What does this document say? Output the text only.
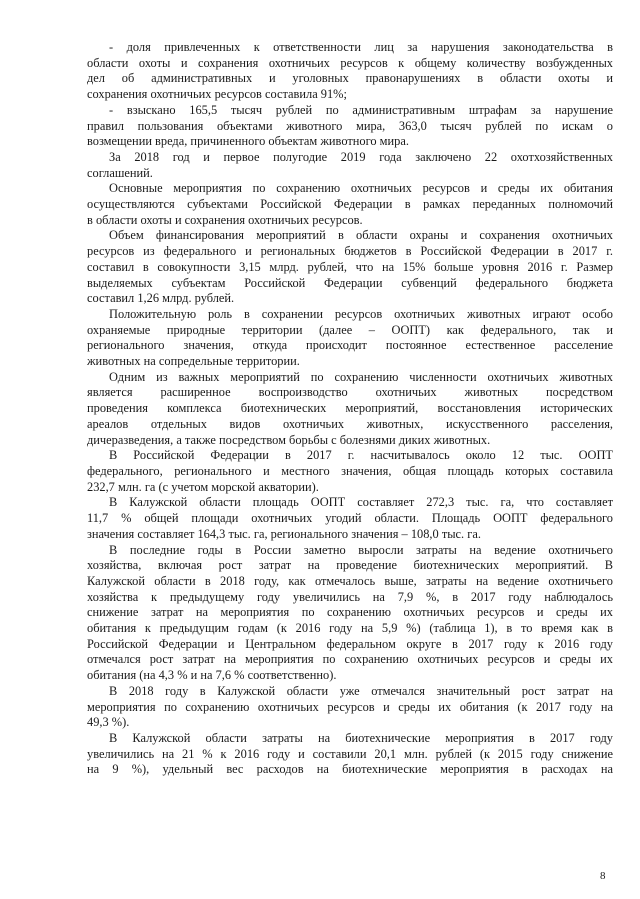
- доля привлеченных к ответственности лиц за нарушения законодательства в
области охоты и сохранения охотничьих ресурсов к общему количеству возбужденных
дел об административных и уголовных правонарушениях в области охоты и
сохранения охотничьих ресурсов составила 91%;

- взыскано 165,5 тысяч рублей по административным штрафам за нарушение
правил пользования объектами животного мира, 363,0 тысяч рублей по искам о
возмещении вреда, причиненного объектам животного мира.

За 2018 год и первое полугодие 2019 года заключено 22 охотхозяйственных
соглашений.

Основные мероприятия по сохранению охотничьих ресурсов и среды их обитания
осуществляются субъектами Российской Федерации в рамках переданных полномочий
в области охоты и сохранения охотничьих ресурсов.

Объем финансирования мероприятий в области охраны и сохранения охотничьих
ресурсов из федерального и региональных бюджетов в Российской Федерации в 2017 г.
составил в совокупности 3,15 млрд. рублей, что на 15% больше уровня 2016 г. Размер
выделяемых субъектам Российской Федерации субвенций федерального бюджета
составил 1,26 млрд. рублей.

Положительную роль в сохранении ресурсов охотничьих животных играют особо
охраняемые природные территории (далее – ООПТ) как федерального, так и
регионального значения, откуда происходит постоянное естественное расселение
животных на сопредельные территории.

Одним из важных мероприятий по сохранению численности охотничьих животных
является расширенное воспроизводство охотничьих животных посредством
проведения комплекса биотехнических мероприятий, восстановления исторических
ареалов отдельных видов охотничьих животных, искусственного расселения,
дичеразведения, а также посредством борьбы с болезнями диких животных.

В Российской Федерации в 2017 г. насчитывалось около 12 тыс. ООПТ
федерального, регионального и местного значения, общая площадь которых составила
232,7 млн. га (с учетом морской акватории).

В Калужской области площадь ООПТ составляет 272,3 тыс. га, что составляет
11,7 % общей площади охотничьих угодий области. Площадь ООПТ федерального
значения составляет 164,3 тыс. га, регионального значения – 108,0 тыс. га.

В последние годы в России заметно выросли затраты на ведение охотничьего
хозяйства, включая рост затрат на проведение биотехнических мероприятий. В
Калужской области в 2018 году, как отмечалось выше, затраты на ведение охотничьего
хозяйства к предыдущему году увеличились на 7,9 %, в 2017 году наблюдалось
снижение затрат на мероприятия по сохранению охотничьих ресурсов и среды их
обитания к предыдущим годам (к 2016 году на 5,9 %) (таблица 1), в то время как в
Российской Федерации и Центральном федеральном округе в 2017 году к 2016 году
отмечался рост затрат на мероприятия по сохранению охотничьих ресурсов и среды их
обитания (на 4,3 % и на 7,6 % соответственно).

В 2018 году в Калужской области уже отмечался значительный рост затрат на
мероприятия по сохранению охотничьих ресурсов и среды их обитания (к 2017 году на
49,3 %).

В Калужской области затраты на биотехнические мероприятия в 2017 году
увеличились на 21 % к 2016 году и составили 20,1 млн. рублей (к 2015 году снижение
на 9 %), удельный вес расходов на биотехнические мероприятия в расходах на

8
